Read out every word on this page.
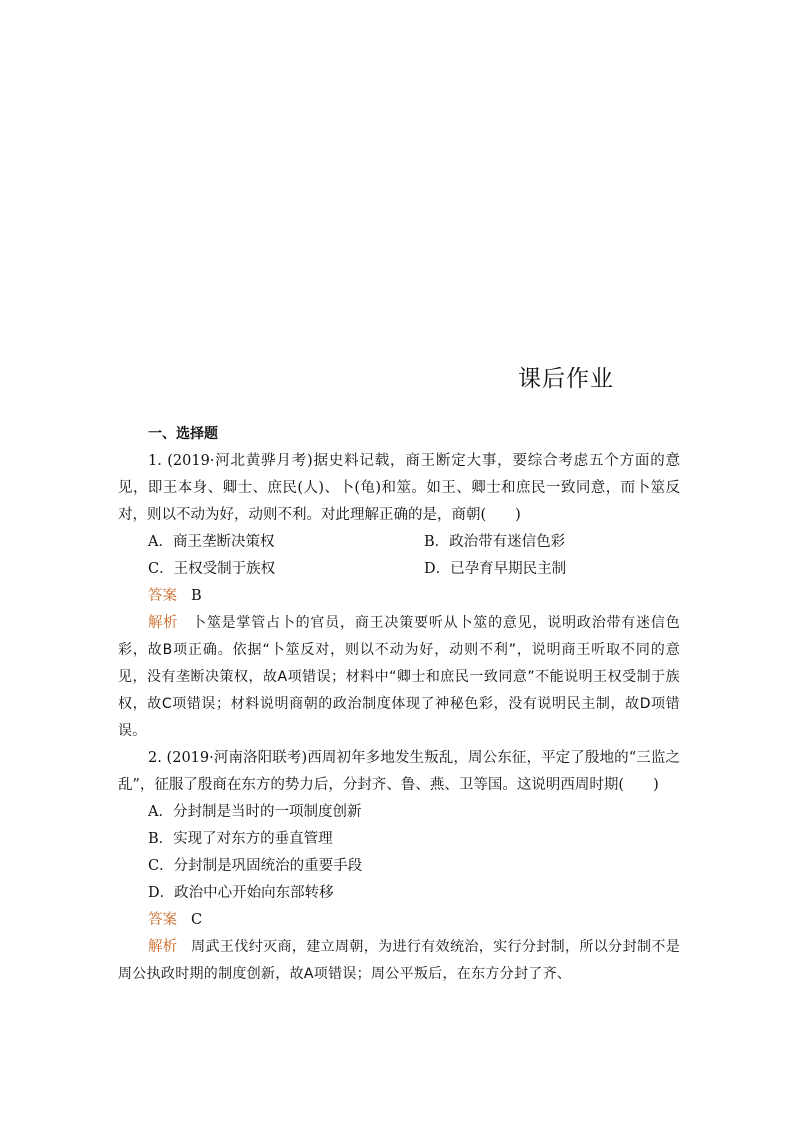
课后作业
一、选择题

1. (2019·河北黄骅月考)据史料记载，商王断定大事，要综合考虑五个方面的意见，即王本身、卿士、庶民(人)、卜(龟)和筮。如王、卿士和庶民一致同意，而卜筮反对，则以不动为好，动则不利。对此理解正确的是，商朝(　　)

A．商王垄断决策权	B．政治带有迷信色彩
C．王权受制于族权	D．已孕育早期民主制
答案 B

解析 卜筮是掌管占卜的官员，商王决策要听从卜筮的意见，说明政治带有迷信色彩，故B项正确。依据“卜筮反对，则以不动为好，动则不利”，说明商王听取不同的意见，没有垄断决策权，故A项错误；材料中“卿士和庶民一致同意”不能说明王权受制于族权，故C项错误；材料说明商朝的政治制度体现了神秘色彩，没有说明民主制，故D项错误。

2. (2019·河南洛阳联考)西周初年多地发生叛乱，周公东征，平定了殷地的“三监之乱”，征服了殷商在东方的势力后，分封齐、鲁、燕、卫等国。这说明西周时期(　　)

A．分封制是当时的一项制度创新
B．实现了对东方的垂直管理
C．分封制是巩固统治的重要手段
D．政治中心开始向东部转移
答案 C

解析 周武王伐纣灭商，建立周朝，为进行有效统治，实行分封制，所以分封制不是周公执政时期的制度创新，故A项错误；周公平叛后，在东方分封了齐、
